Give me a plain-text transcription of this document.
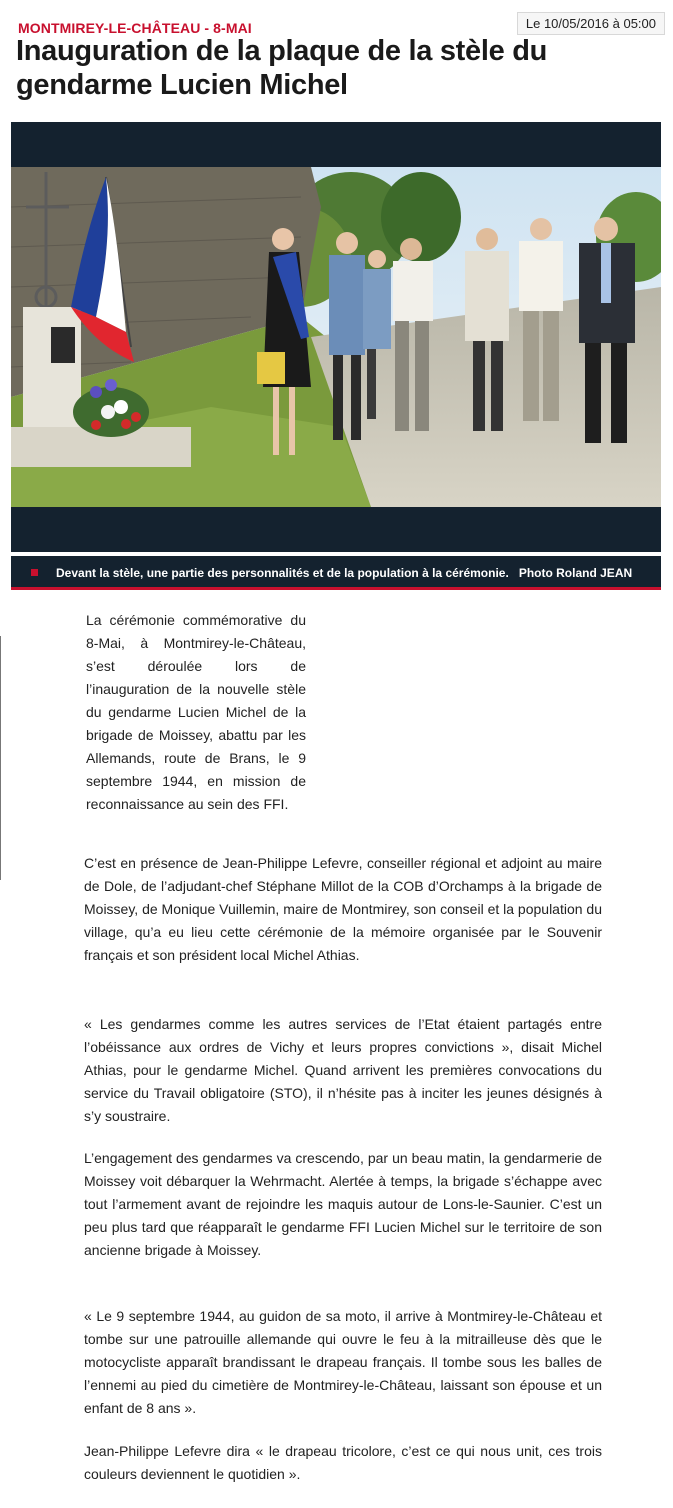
MONTMIREY-LE-CHÂTEAU - 8-MAI	Le 10/05/2016 à 05:00
Inauguration de la plaque de la stèle du gendarme Lucien Michel
Devant la stèle, une partie des personnalités et de la population à la cérémonie. Photo Roland JEAN

La cérémonie commémorative du 8-Mai, à Montmirey-le-Château, s’est déroulée lors de l’inauguration de la nouvelle stèle du gendarme Lucien Michel de la brigade de Moissey, abattu par les Allemands, route de Brans, le 9 septembre 1944, en mission de reconnaissance au sein des FFI.

C’est en présence de Jean-Philippe Lefevre, conseiller régional et adjoint au maire de Dole, de l’adjudant-chef Stéphane Millot de la COB d’Orchamps à la brigade de Moissey, de Monique Vuillemin, maire de Montmirey, son conseil et la population du village, qu’a eu lieu cette cérémonie de la mémoire organisée par le Souvenir français et son président local Michel Athias.

« Les gendarmes comme les autres services de l’Etat étaient partagés entre l’obéissance aux ordres de Vichy et leurs propres convictions », disait Michel Athias, pour le gendarme Michel. Quand arrivent les premières convocations du service du Travail obligatoire (STO), il n’hésite pas à inciter les jeunes désignés à s’y soustraire.

L’engagement des gendarmes va crescendo, par un beau matin, la gendarmerie de Moissey voit débarquer la Wehrmacht. Alertée à temps, la brigade s’échappe avec tout l’armement avant de rejoindre les maquis autour de Lons-le-Saunier. C’est un peu plus tard que réapparaît le gendarme FFI Lucien Michel sur le territoire de son ancienne brigade à Moissey.

« Le 9 septembre 1944, au guidon de sa moto, il arrive à Montmirey-le-Château et tombe sur une patrouille allemande qui ouvre le feu à la mitrailleuse dès que le motocycliste apparaît brandissant le drapeau français. Il tombe sous les balles de l’ennemi au pied du cimetière de Montmirey-le-Château, laissant son épouse et un enfant de 8 ans ».

Jean-Philippe Lefevre dira « le drapeau tricolore, c’est ce qui nous unit, ces trois couleurs deviennent le quotidien ».
